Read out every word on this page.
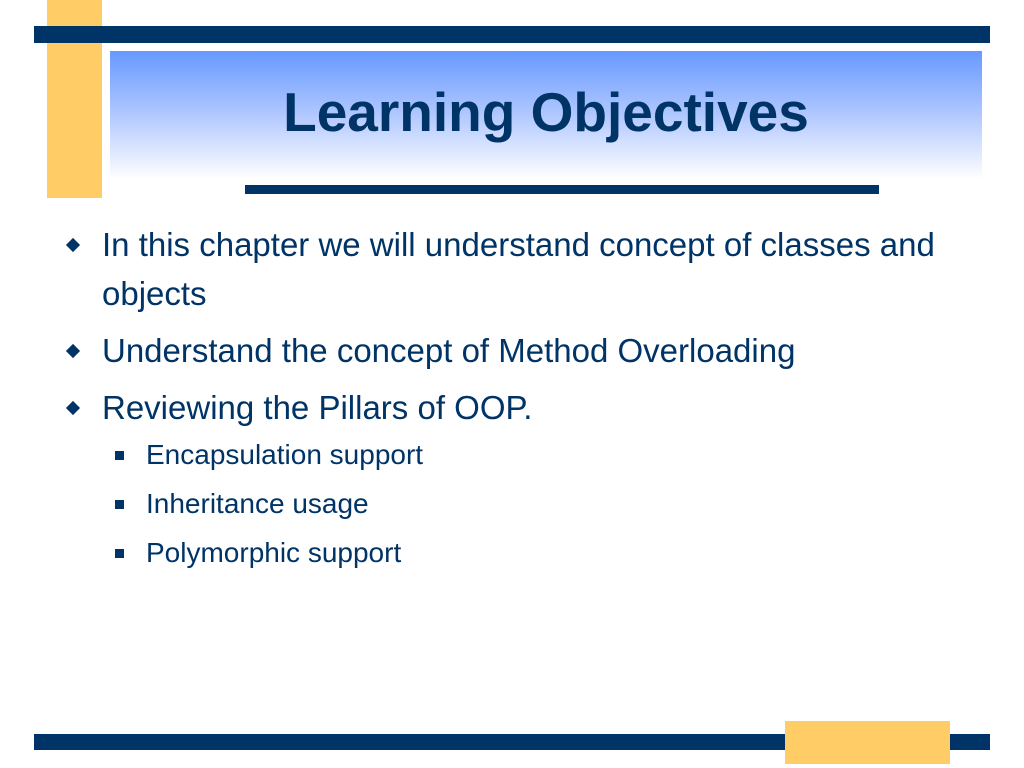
Learning Objectives
In this chapter we will understand concept of classes and objects
Understand the concept of Method Overloading
Reviewing the Pillars of OOP.
Encapsulation support
Inheritance usage
Polymorphic support
